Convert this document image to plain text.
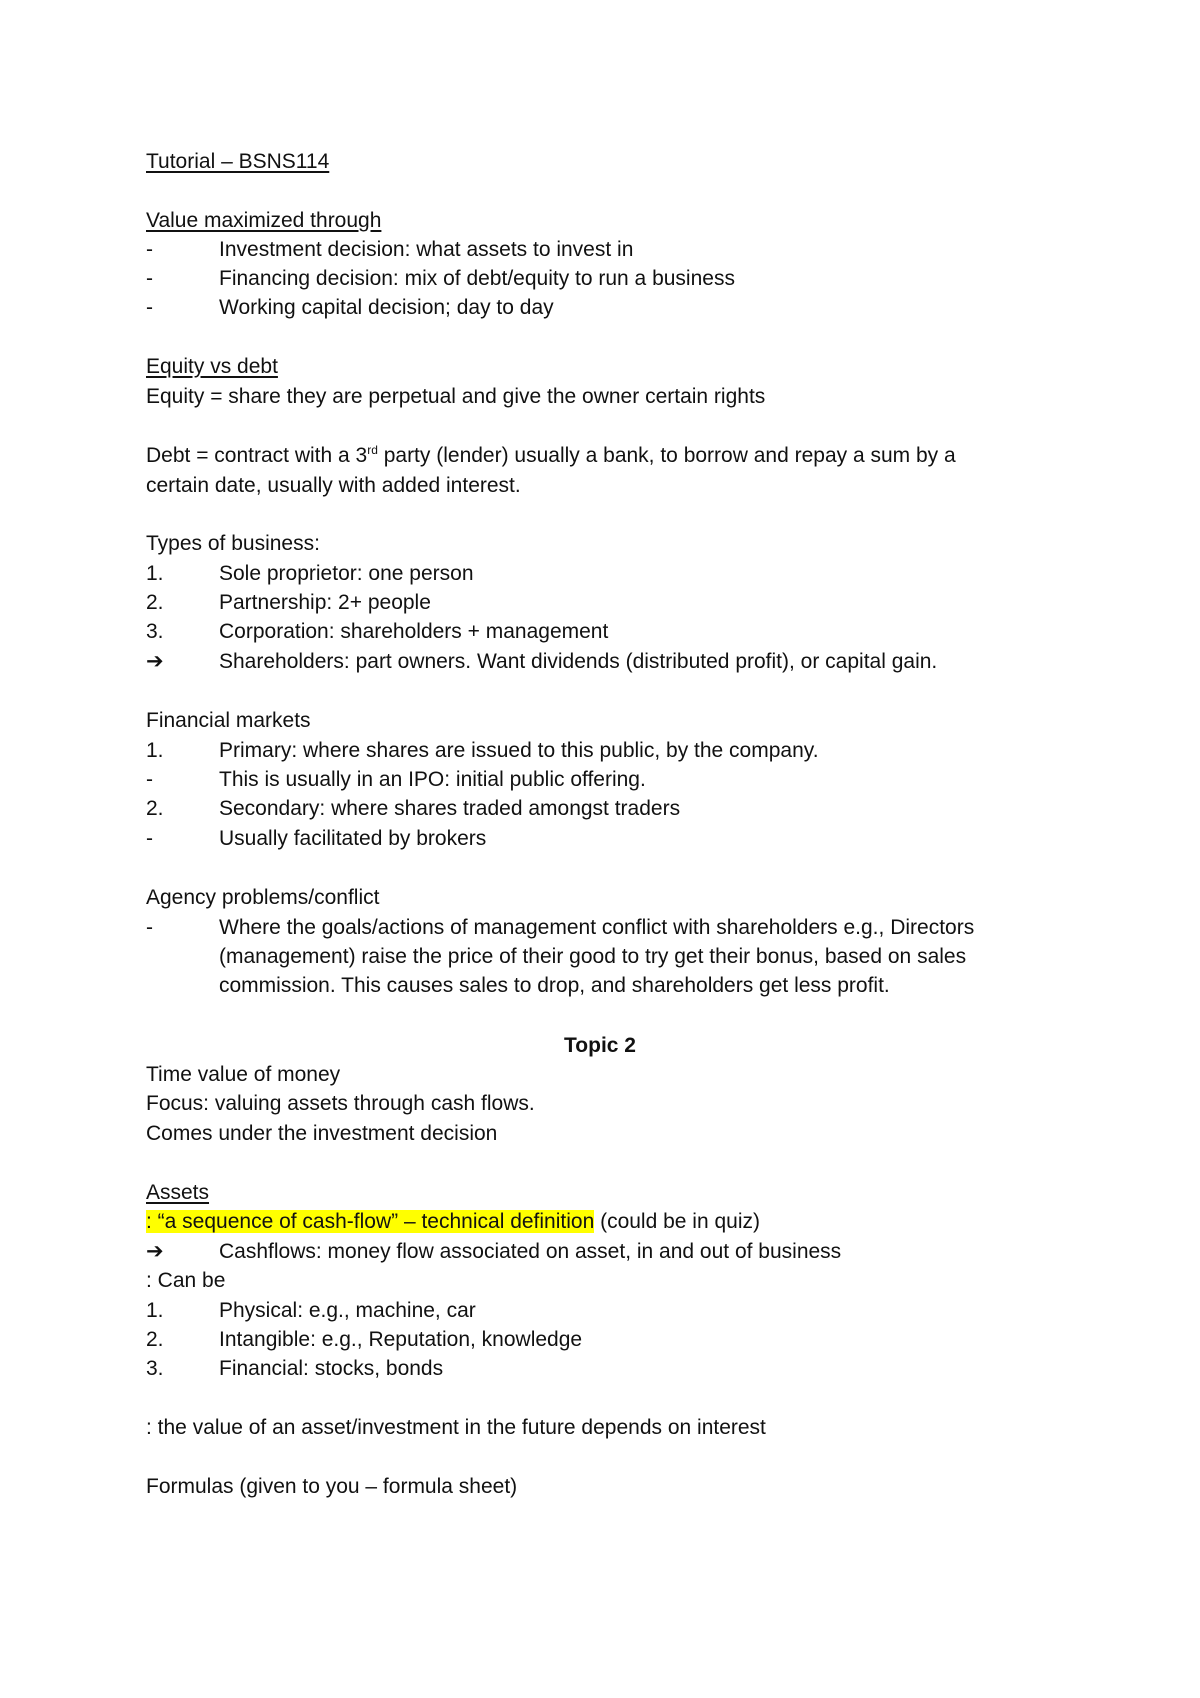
Tutorial – BSNS114

Value maximized through

-	Investment decision: what assets to invest in
-	Financing decision: mix of debt/equity to run a business
-	Working capital decision; day to day

Equity vs debt

Equity = share they are perpetual and give the owner certain rights

Debt = contract with a 3rd party (lender) usually a bank, to borrow and repay a sum by a

certain date, usually with added interest.

Types of business:

1.	Sole proprietor: one person
2.	Partnership: 2+ people
3.	Corporation: shareholders + management
➔	Shareholders: part owners. Want dividends (distributed profit), or capital gain.

Financial markets

1.	Primary: where shares are issued to this public, by the company.
-	This is usually in an IPO: initial public offering.
2.	Secondary: where shares traded amongst traders
-	Usually facilitated by brokers

Agency problems/conflict

-	Where the goals/actions of management conflict with shareholders e.g., Directors
(management) raise the price of their good to try get their bonus, based on sales
commission. This causes sales to drop, and shareholders get less profit.

Topic 2

Time value of money

Focus: valuing assets through cash flows.

Comes under the investment decision

Assets

: “a sequence of cash-flow” – technical definition (could be in quiz)

➔	Cashflows: money flow associated on asset, in and out of business

: Can be

1.	Physical: e.g., machine, car
2.	Intangible: e.g., Reputation, knowledge
3.	Financial: stocks, bonds

: the value of an asset/investment in the future depends on interest

Formulas (given to you – formula sheet)
